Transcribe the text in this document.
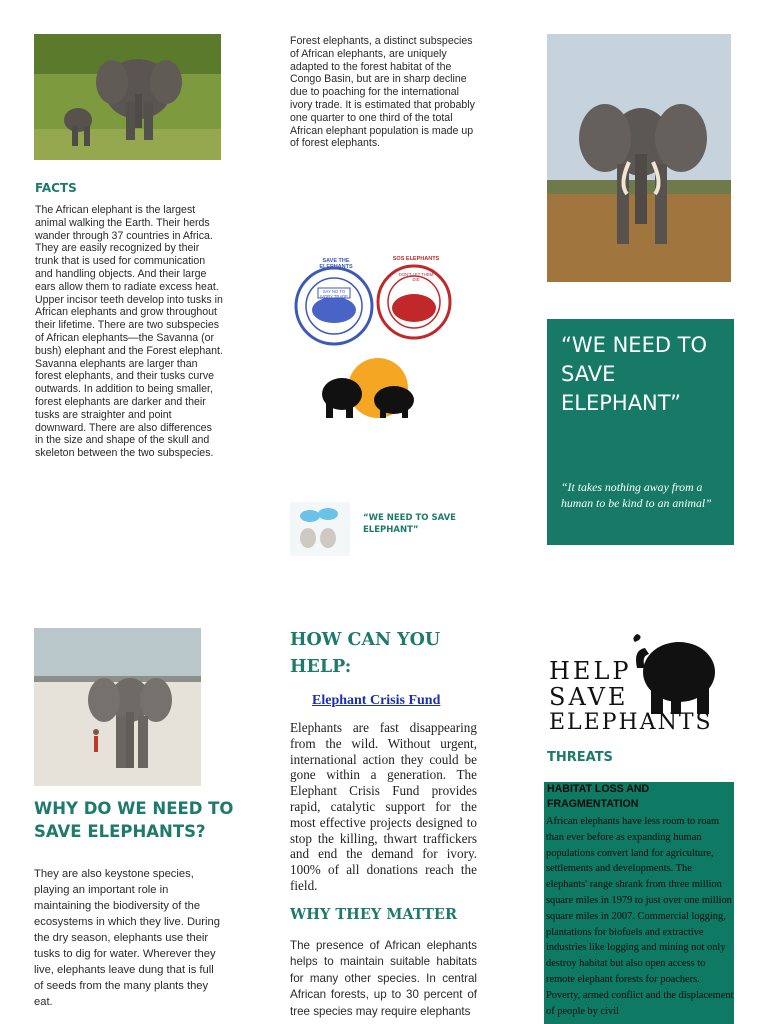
FACTS
The African elephant is the largest animal walking the Earth. Their herds wander through 37 countries in Africa. They are easily recognized by their trunk that is used for communication and handling objects. And their large ears allow them to radiate excess heat. Upper incisor teeth develop into tusks in African elephants and grow throughout their lifetime. There are two subspecies of African elephants—the Savanna (or bush) elephant and the Forest elephant. Savanna elephants are larger than forest elephants, and their tusks curve outwards. In addition to being smaller, forest elephants are darker and their tusks are straighter and point downward. There are also differences in the size and shape of the skull and skeleton between the two subspecies.
WHY DO WE NEED TO SAVE ELEPHANTS?
They are also keystone species, playing an important role in maintaining the biodiversity of the ecosystems in which they live. During the dry season, elephants use their tusks to dig for water. Wherever they live, elephants leave dung that is full of seeds from the many plants they eat.
Forest elephants, a distinct subspecies of African elephants, are uniquely adapted to the forest habitat of the Congo Basin, but are in sharp decline due to poaching for the international ivory trade. It is estimated that probably one quarter to one third of the total African elephant population is made up of forest elephants.
SAVE THE ELEPHANTS
SAY NO TO IVORY TRADE
SOS ELEPHANTS
DON'T LET THEM DIE
“WE NEED TO SAVE ELEPHANT”
HOW CAN YOU HELP:
Elephant Crisis Fund
Elephants are fast disappearing from the wild. Without urgent, international action they could be gone within a generation. The Elephant Crisis Fund provides rapid, catalytic support for the most effective projects designed to stop the killing, thwart traffickers and end the demand for ivory. 100% of all donations reach the field.
WHY THEY MATTER
The presence of African elephants helps to maintain suitable habitats for many other species. In central African forests, up to 30 percent of tree species may require elephants
“WE NEED TO SAVE ELEPHANT”
“It takes nothing away from a human to be kind to an animal”
HELP
SAVE
ELEPHANTS
THREATS
HABITAT LOSS AND FRAGMENTATION
African elephants have less room to roam than ever before as expanding human populations convert land for agriculture, settlements and developments. The elephants' range shrank from three million square miles in 1979 to just over one million square miles in 2007. Commercial logging, plantations for biofuels and extractive industries like logging and mining not only destroy habitat but also open access to remote elephant forests for poachers. Poverty, armed conflict and the displacement of people by civil
